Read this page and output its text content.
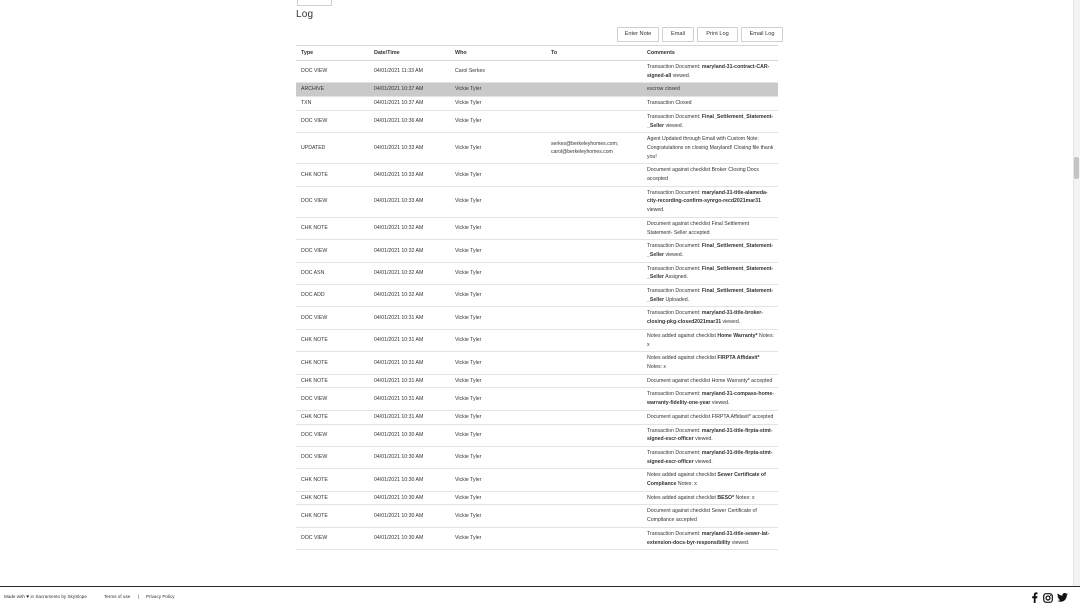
Log
Enter Note	Email	Print Log	Email Log
Type	Date/Time	Who	To	Comments
DOC VIEW	04/01/2021 11:33 AM	Carol Serkes		Transaction Document: maryland-31-contract-CAR-signed-all viewed.
ARCHIVE	04/01/2021 10:37 AM	Vickie Tyler		escrow closed
TXN	04/01/2021 10:37 AM	Vickie Tyler		Transaction Closed
DOC VIEW	04/01/2021 10:36 AM	Vickie Tyler		Transaction Document: Final_Settlement_Statement-_Seller viewed.
UPDATED	04/01/2021 10:33 AM	Vickie Tyler	serkes@berkeleyhomes.com; carol@berkeleyhomes.com	Agent Updated through Email with Custom Note: Congratulations on closing Maryland! Closing file thank you!
CHK NOTE	04/01/2021 10:33 AM	Vickie Tyler		Document against checklist Broker Closing Docs accepted
DOC VIEW	04/01/2021 10:33 AM	Vickie Tyler		Transaction Document: maryland-31-title-alameda-city-recording-confirm-synrgo-recd2021mar31 viewed.
CHK NOTE	04/01/2021 10:32 AM	Vickie Tyler		Document against checklist Final Settlement Statement- Seller accepted
DOC VIEW	04/01/2021 10:32 AM	Vickie Tyler		Transaction Document: Final_Settlement_Statement-_Seller viewed.
DOC ASN	04/01/2021 10:32 AM	Vickie Tyler		Transaction Document: Final_Settlement_Statement-_Seller Assigned.
DOC ADD	04/01/2021 10:32 AM	Vickie Tyler		Transaction Document: Final_Settlement_Statement-_Seller Uploaded.
DOC VIEW	04/01/2021 10:31 AM	Vickie Tyler		Transaction Document: maryland-31-title-broker-closing-pkg-closed2021mar31 viewed.
CHK NOTE	04/01/2021 10:31 AM	Vickie Tyler		Notes added against checklist Home Warranty* Notes: x
CHK NOTE	04/01/2021 10:31 AM	Vickie Tyler		Notes added against checklist FIRPTA Affidavit* Notes: x
CHK NOTE	04/01/2021 10:31 AM	Vickie Tyler		Document against checklist Home Warranty* accepted
DOC VIEW	04/01/2021 10:31 AM	Vickie Tyler		Transaction Document: maryland-31-compass-home-warranty-fidelity-one-year viewed.
CHK NOTE	04/01/2021 10:31 AM	Vickie Tyler		Document against checklist FIRPTA Affidavit* accepted
DOC VIEW	04/01/2021 10:30 AM	Vickie Tyler		Transaction Document: maryland-31-title-firpta-stmt-signed-escr-officer viewed.
DOC VIEW	04/01/2021 10:30 AM	Vickie Tyler		Transaction Document: maryland-31-title-firpta-stmt-signed-escr-officer viewed.
CHK NOTE	04/01/2021 10:30 AM	Vickie Tyler		Notes added against checklist Sewer Certificate of Compliance Notes: x
CHK NOTE	04/01/2021 10:30 AM	Vickie Tyler		Notes added against checklist BESO* Notes: x
CHK NOTE	04/01/2021 10:30 AM	Vickie Tyler		Document against checklist Sewer Certificate of Compliance accepted
DOC VIEW	04/01/2021 10:30 AM	Vickie Tyler		Transaction Document: maryland-31-title-sewer-lat-extension-docs-byr-responsibility viewed.
Made with ♥ in Sacramento by SkySlope	Terms of use | Privacy Policy
